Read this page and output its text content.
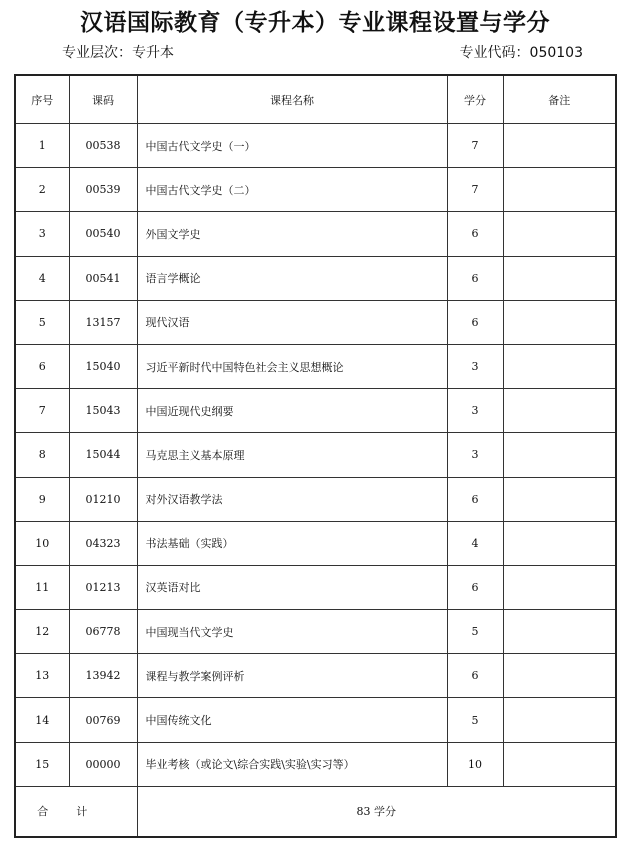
汉语国际教育（专升本）专业课程设置与学分
专业层次：专升本	专业代码：050103
序号	课码	课程名称	学分	备注
1	00538	中国古代文学史（一）	7	
2	00539	中国古代文学史（二）	7	
3	00540	外国文学史	6	
4	00541	语言学概论	6	
5	13157	现代汉语	6	
6	15040	习近平新时代中国特色社会主义思想概论	3	
7	15043	中国近现代史纲要	3	
8	15044	马克思主义基本原理	3	
9	01210	对外汉语教学法	6	
10	04323	书法基础（实践）	4	
11	01213	汉英语对比	6	
12	06778	中国现当代文学史	5	
13	13942	课程与教学案例评析	6	
14	00769	中国传统文化	5	
15	00000	毕业考核（或论文\综合实践\实验\实习等）	10	
合计		83 学分		
